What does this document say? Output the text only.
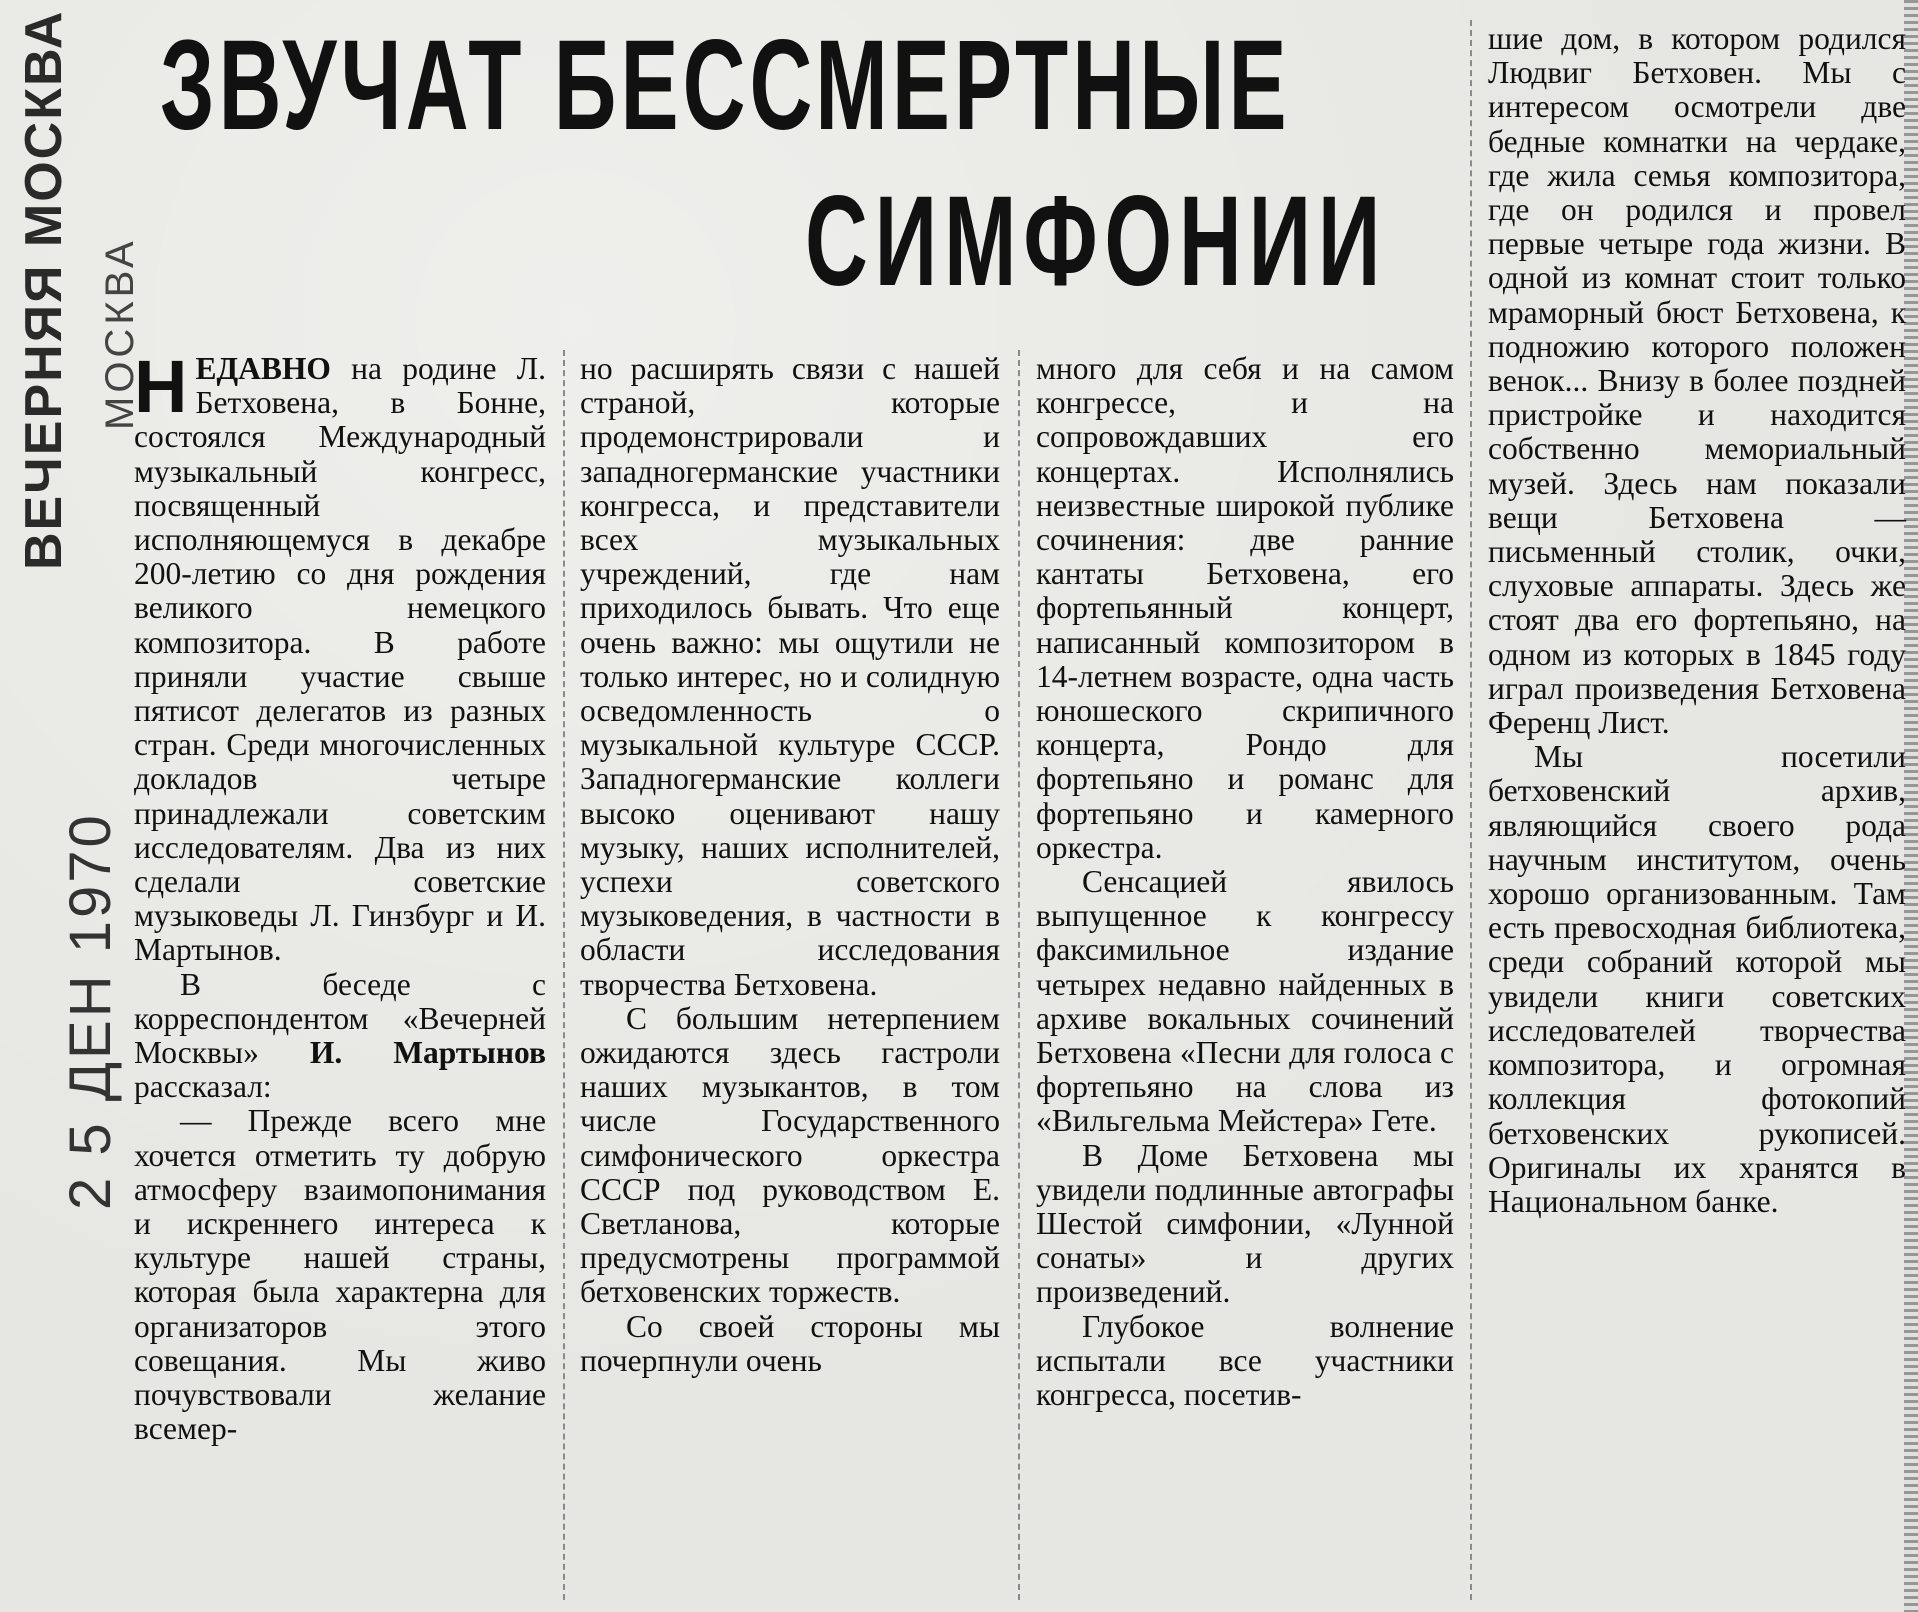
ВЕЧЕРНЯЯ МОСКВА МОСКВА
2 5 ДЕН 1970
ЗВУЧАТ БЕССМЕРТНЫЕ
СИМФОНИИ

НЕДАВНО на родине Л. Бетховена, в Бонне, состоялся Международный музыкальный конгресс, посвященный исполняющемуся в декабре 200-летию со дня рождения великого немецкого композитора. В работе приняли участие свыше пятисот делегатов из разных стран. Среди многочисленных докладов четыре принадлежали советским исследователям. Два из них сделали советские музыковеды Л. Гинзбург и И. Мартынов.

В беседе с корреспондентом «Вечерней Москвы» И. Мартынов рассказал:

— Прежде всего мне хочется отметить ту добрую атмосферу взаимопонимания и искреннего интереса к культуре нашей страны, которая была характерна для организаторов этого совещания. Мы живо почувствовали желание всемер-

но расширять связи с нашей страной, которые продемонстрировали и западногерманские участники конгресса, и представители всех музыкальных учреждений, где нам приходилось бывать. Что еще очень важно: мы ощутили не только интерес, но и солидную осведомленность о музыкальной культуре СССР. Западногерманские коллеги высоко оценивают нашу музыку, наших исполнителей, успехи советского музыковедения, в частности в области исследования творчества Бетховена.

С большим нетерпением ожидаются здесь гастроли наших музыкантов, в том числе Государственного симфонического оркестра СССР под руководством Е. Светланова, которые предусмотрены программой бетховенских торжеств.

Со своей стороны мы почерпнули очень

много для себя и на самом конгрессе, и на сопровождавших его концертах. Исполнялись неизвестные широкой публике сочинения: две ранние кантаты Бетховена, его фортепьянный концерт, написанный композитором в 14-летнем возрасте, одна часть юношеского скрипичного концерта, Рондо для фортепьяно и романс для фортепьяно и камерного оркестра.

Сенсацией явилось выпущенное к конгрессу факсимильное издание четырех недавно найденных в архиве вокальных сочинений Бетховена «Песни для голоса с фортепьяно на слова из «Вильгельма Мейстера» Гете.

В Доме Бетховена мы увидели подлинные автографы Шестой симфонии, «Лунной сонаты» и других произведений.

Глубокое волнение испытали все участники конгресса, посетив-

шие дом, в котором родился Людвиг Бетховен. Мы с интересом осмотрели две бедные комнатки на чердаке, где жила семья композитора, где он родился и провел первые четыре года жизни. В одной из комнат стоит только мраморный бюст Бетховена, к подножию которого положен венок... Внизу в более поздней пристройке и находится собственно мемориальный музей. Здесь нам показали вещи Бетховена — письменный столик, очки, слуховые аппараты. Здесь же стоят два его фортепьяно, на одном из которых в 1845 году играл произведения Бетховена Ференц Лист.

Мы посетили бетховенский архив, являющийся своего рода научным институтом, очень хорошо организованным. Там есть превосходная библиотека, среди собраний которой мы увидели книги советских исследователей творчества композитора, и огромная коллекция фотокопий бетховенских рукописей. Оригиналы их хранятся в Национальном банке.
